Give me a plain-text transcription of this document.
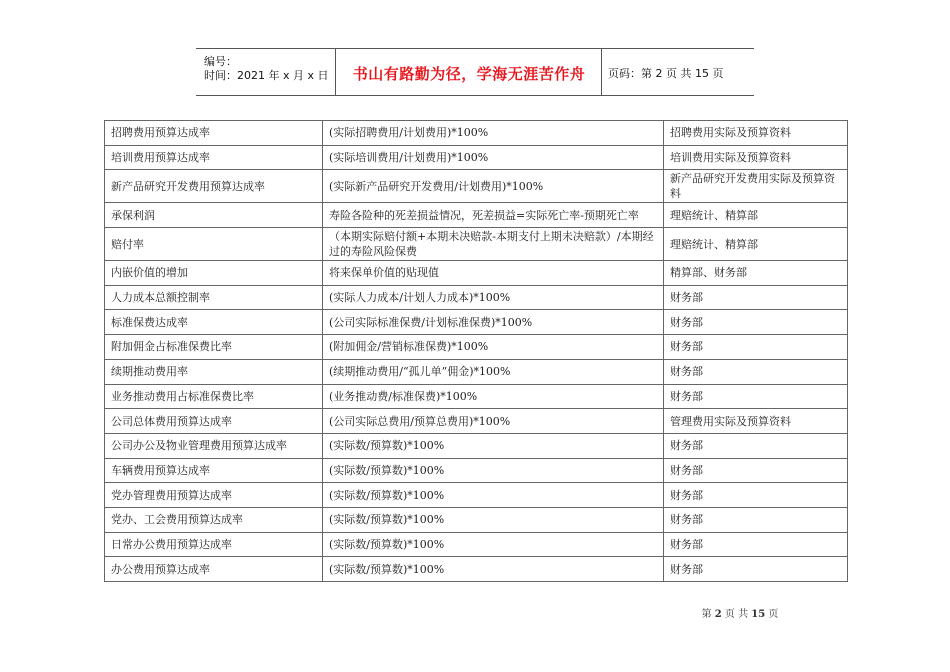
编号：
时间：2021 年 x 月 x 日	书山有路勤为径，学海无涯苦作舟	页码：第 2 页 共 15 页
招聘费用预算达成率	(实际招聘费用/计划费用)*100%	招聘费用实际及预算资料
培训费用预算达成率	(实际培训费用/计划费用)*100%	培训费用实际及预算资料
新产品研究开发费用预算达成率	(实际新产品研究开发费用/计划费用)*100%	新产品研究开发费用实际及预算资料
承保利润	寿险各险种的死差损益情况，死差损益=实际死亡率-预期死亡率	理赔统计、精算部
赔付率	（本期实际赔付额+本期未决赔款-本期支付上期未决赔款）/本期经过的寿险风险保费	理赔统计、精算部
内嵌价值的增加	将来保单价值的贴现值	精算部、财务部
人力成本总额控制率	(实际人力成本/计划人力成本)*100%	财务部
标准保费达成率	(公司实际标准保费/计划标准保费)*100%	财务部
附加佣金占标准保费比率	(附加佣金/营销标准保费)*100%	财务部
续期推动费用率	(续期推动费用/“孤儿单”佣金)*100%	财务部
业务推动费用占标准保费比率	(业务推动费/标准保费)*100%	财务部
公司总体费用预算达成率	(公司实际总费用/预算总费用)*100%	管理费用实际及预算资料
公司办公及物业管理费用预算达成率	(实际数/预算数)*100%	财务部
车辆费用预算达成率	(实际数/预算数)*100%	财务部
党办管理费用预算达成率	(实际数/预算数)*100%	财务部
党办、工会费用预算达成率	(实际数/预算数)*100%	财务部
日常办公费用预算达成率	(实际数/预算数)*100%	财务部
办公费用预算达成率	(实际数/预算数)*100%	财务部
第 2 页 共 15 页
